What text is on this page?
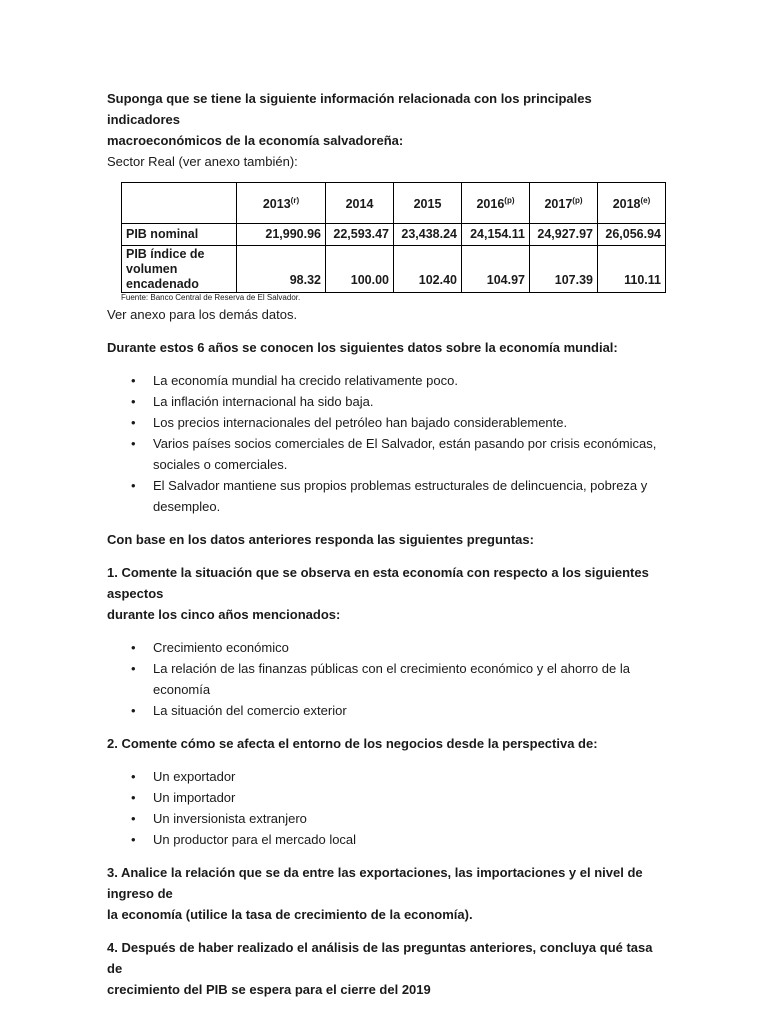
Suponga que se tiene la siguiente información relacionada con los principales indicadores

macroeconómicos de la economía salvadoreña:

Sector Real (ver anexo también):

	2013$^{(r)}$	2014	2015	2016$^{(p)}$	2017$^{(p)}$	2018$^{(e)}$
PIB nominal	21,990.96	22,593.47	23,438.24	24,154.11	24,927.97	26,056.94
PIB índice de
volumen
encadenado	98.32	100.00	102.40	104.97	107.39	110.11

Fuente: Banco Central de Reserva de El Salvador.

Ver anexo para los demás datos.

Durante estos 6 años se conocen los siguientes datos sobre la economía mundial:

• La economía mundial ha crecido relativamente poco.
• La inflación internacional ha sido baja.
• Los precios internacionales del petróleo han bajado considerablemente.
• Varios países socios comerciales de El Salvador, están pasando por crisis económicas,
sociales o comerciales.
• El Salvador mantiene sus propios problemas estructurales de delincuencia, pobreza y
desempleo.

Con base en los datos anteriores responda las siguientes preguntas:

1. Comente la situación que se observa en esta economía con respecto a los siguientes aspectos
durante los cinco años mencionados:

• Crecimiento económico
• La relación de las finanzas públicas con el crecimiento económico y el ahorro de la
economía
• La situación del comercio exterior

2. Comente cómo se afecta el entorno de los negocios desde la perspectiva de:

• Un exportador
• Un importador
• Un inversionista extranjero
• Un productor para el mercado local

3. Analice la relación que se da entre las exportaciones, las importaciones y el nivel de ingreso de
la economía (utilice la tasa de crecimiento de la economía).

4. Después de haber realizado el análisis de las preguntas anteriores, concluya qué tasa de
crecimiento del PIB se espera para el cierre del 2019
